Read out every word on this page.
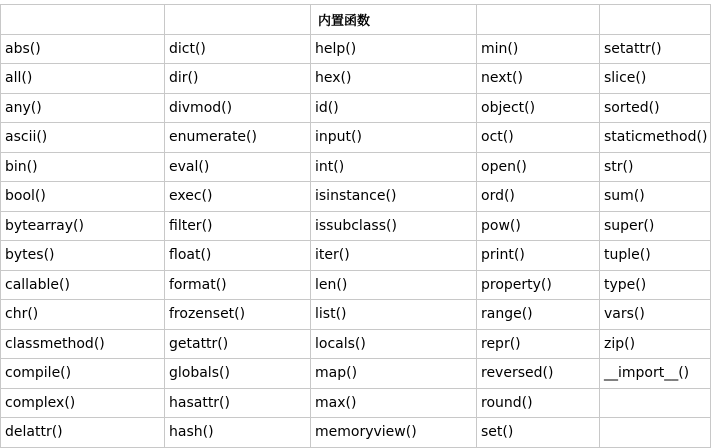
		内置函数		
abs()	dict()	help()	min()	setattr()
all()	dir()	hex()	next()	slice()
any()	divmod()	id()	object()	sorted()
ascii()	enumerate()	input()	oct()	staticmethod()
bin()	eval()	int()	open()	str()
bool()	exec()	isinstance()	ord()	sum()
bytearray()	filter()	issubclass()	pow()	super()
bytes()	float()	iter()	print()	tuple()
callable()	format()	len()	property()	type()
chr()	frozenset()	list()	range()	vars()
classmethod()	getattr()	locals()	repr()	zip()
compile()	globals()	map()	reversed()	__import__()
complex()	hasattr()	max()	round()	
delattr()	hash()	memoryview()	set()	
